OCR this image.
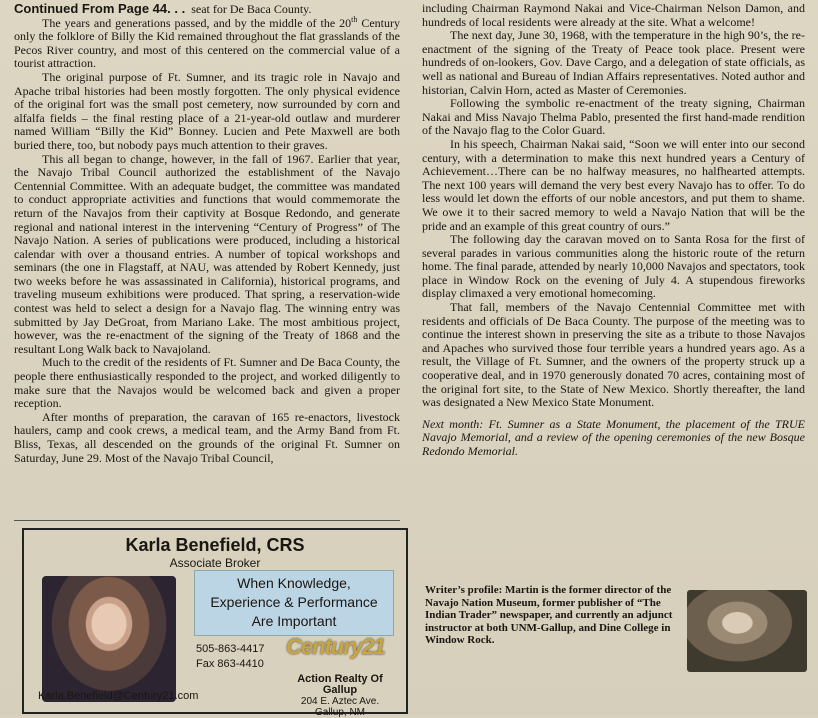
Continued From Page 44. . . seat for De Baca County.

The years and generations passed, and by the middle of the 20th Century only the folklore of Billy the Kid remained throughout the flat grasslands of the Pecos River country, and most of this centered on the commercial value of a tourist attraction.

The original purpose of Ft. Sumner, and its tragic role in Navajo and Apache tribal histories had been mostly forgotten. The only physical evidence of the original fort was the small post cemetery, now surrounded by corn and alfalfa fields – the final resting place of a 21-year-old outlaw and murderer named William “Billy the Kid” Bonney. Lucien and Pete Maxwell are both buried there, too, but nobody pays much attention to their graves.

This all began to change, however, in the fall of 1967. Earlier that year, the Navajo Tribal Council authorized the establishment of the Navajo Centennial Committee. With an adequate budget, the committee was mandated to conduct appropriate activities and functions that would commemorate the return of the Navajos from their captivity at Bosque Redondo, and generate regional and national interest in the intervening “Century of Progress” of The Navajo Nation. A series of publications were produced, including a historical calendar with over a thousand entries. A number of topical workshops and seminars (the one in Flagstaff, at NAU, was attended by Robert Kennedy, just two weeks before he was assassinated in California), historical programs, and traveling museum exhibitions were produced. That spring, a reservation-wide contest was held to select a design for a Navajo flag. The winning entry was submitted by Jay DeGroat, from Mariano Lake. The most ambitious project, however, was the re-enactment of the signing of the Treaty of 1868 and the resultant Long Walk back to Navajoland.

Much to the credit of the residents of Ft. Sumner and De Baca County, the people there enthusiastically responded to the project, and worked diligently to make sure that the Navajos would be welcomed back and given a proper reception.

After months of preparation, the caravan of 165 re-enactors, livestock haulers, camp and cook crews, a medical team, and the Army Band from Ft. Bliss, Texas, all descended on the grounds of the original Ft. Sumner on Saturday, June 29. Most of the Navajo Tribal Council,

including Chairman Raymond Nakai and Vice-Chairman Nelson Damon, and hundreds of local residents were already at the site. What a welcome!

The next day, June 30, 1968, with the temperature in the high 90’s, the re-enactment of the signing of the Treaty of Peace took place. Present were hundreds of on-lookers, Gov. Dave Cargo, and a delegation of state officials, as well as national and Bureau of Indian Affairs representatives. Noted author and historian, Calvin Horn, acted as Master of Ceremonies.

Following the symbolic re-enactment of the treaty signing, Chairman Nakai and Miss Navajo Thelma Pablo, presented the first hand-made rendition of the Navajo flag to the Color Guard.

In his speech, Chairman Nakai said, “Soon we will enter into our second century, with a determination to make this next hundred years a Century of Achievement…There can be no halfway measures, no halfhearted attempts. The next 100 years will demand the very best every Navajo has to offer. To do less would let down the efforts of our noble ancestors, and put them to shame. We owe it to their sacred memory to weld a Navajo Nation that will be the pride and an example of this great country of ours.”

The following day the caravan moved on to Santa Rosa for the first of several parades in various communities along the historic route of the return home. The final parade, attended by nearly 10,000 Navajos and spectators, took place in Window Rock on the evening of July 4. A stupendous fireworks display climaxed a very emotional homecoming.

That fall, members of the Navajo Centennial Committee met with residents and officials of De Baca County. The purpose of the meeting was to continue the interest shown in preserving the site as a tribute to those Navajos and Apaches who survived those four terrible years a hundred years ago. As a result, the Village of Ft. Sumner, and the owners of the property struck up a cooperative deal, and in 1970 generously donated 70 acres, containing most of the original fort site, to the State of New Mexico. Shortly thereafter, the land was designated a New Mexico State Monument.

Next month: Ft. Sumner as a State Monument, the placement of the TRUE Navajo Memorial, and a review of the opening ceremonies of the new Bosque Redondo Memorial.

Karla Benefield, CRS
Associate Broker
When Knowledge,
Experience & Performance
Are Important
505-863-4417
Fax 863-4410
Century21
Action Realty Of Gallup
204 E. Aztec Ave.
Gallup, NM
Karla.Benefield@Century21.com
Writer’s profile: Martin is the former director of the Navajo Nation Museum, former publisher of “The Indian Trader” newspaper, and currently an adjunct instructor at both UNM-Gallup, and Dine College in Window Rock.
